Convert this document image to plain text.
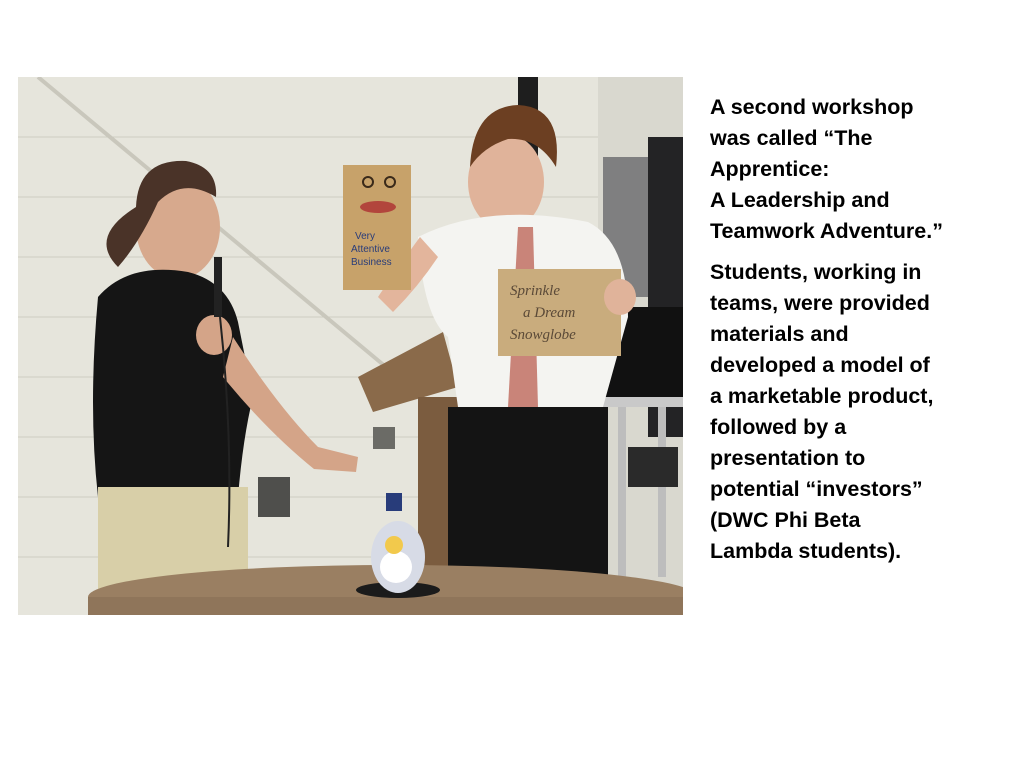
Very
Attentive
Business
Sprinkle
a Dream
Snowglobe

A second workshop
was called “The
Apprentice:
A Leadership and
Teamwork Adventure.”

Students, working in
teams, were provided
materials and
developed a model of
a marketable product,
followed by a
presentation to
potential “investors”
(DWC Phi Beta
Lambda students).
